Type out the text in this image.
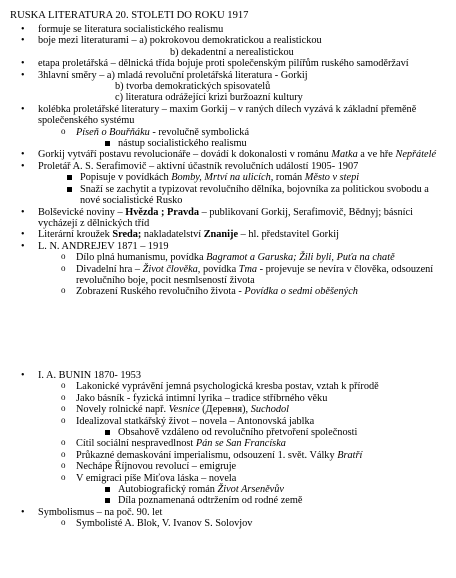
RUSKA LITERATURA 20. STOLETI DO ROKU 1917
• formuje se literatura socialistického realismu
• boje mezi literaturami – a) pokrokovou demokratickou a realistickou
b) dekadentní a nerealistickou
• etapa proletářská – dělnická třída bojuje proti společenským pilířům ruského samoděržaví
• 3hlavní směry – a) mladá revoluční proletářská literatura - Gorkij
b) tvorba demokratických spisovatelů
c) literatura odrážející krizi buržoazní kultury
• kolébka proletářské literatury – maxim Gorkij – v raných dílech vyzává k základní přeměně společenského systému
o Píseň o Bouřňáku - revolučně symbolická
nástup socialistického realismu
• Gorkij vytváří postavu revolucionáře – dovádí k dokonalosti v románu Matka a ve hře Nepřátelé
• Proletář A. S. Serafimovič – aktivní účastník revolučních událostí 1905- 1907
Popisuje v povídkách Bomby, Mrtví na ulicích, román Město v stepi
Snaží se zachytit a typizovat revolučního dělníka, bojovníka za politickou svobodu a nové socialistické Rusko
• Bolševické noviny – Hvězda ; Pravda – publikovaní Gorkij, Serafimovič, Bědnyj; básníci vycházejí z dělnických tříd
• Literární kroužek Sreda; nakladatelství Znanije – hl. představitel Gorkij
• L. N. ANDREJEV 1871 – 1919
o Dílo plná humanismu, povídka Bagramot a Garuska; Žili byli, Puťa na chatě
o Divadelní hra – Život člověka, povídka Tma - projevuje se nevíra v člověka, odsouzení revolučního boje, pocit nesmlseností života
o Zobrazení Ruského revolučního života - Povídka o sedmi oběšených
• I. A. BUNIN 1870- 1953
o Lakonické vyprávění jemná psychologická kresba postav, vztah k přírodě
o Jako básník - fyzická intimní lyrika – tradice stříbrného věku
o Novely rolnické např. Vesnice (Деревня), Suchodol
o Idealizoval statkářský život – novela – Antonovská jablka
Obsahově vzdáleno od revolučního přetvoření společnosti
o Cítil sociální nespravedlnost Pán se San Francíska
o Průkazné demaskování imperialismu, odsouzení 1. svět. Války Bratří
o Nechápe Říjnovou revolucí – emigruje
o V emigraci píše Miťova láska – novela
Autobiografický román Život Arseněvův
Díla poznamenaná odtržením od rodné země
• Symbolismus – na poč. 90. let
o Symbolisté A. Blok, V. Ivanov S. Solovjov
